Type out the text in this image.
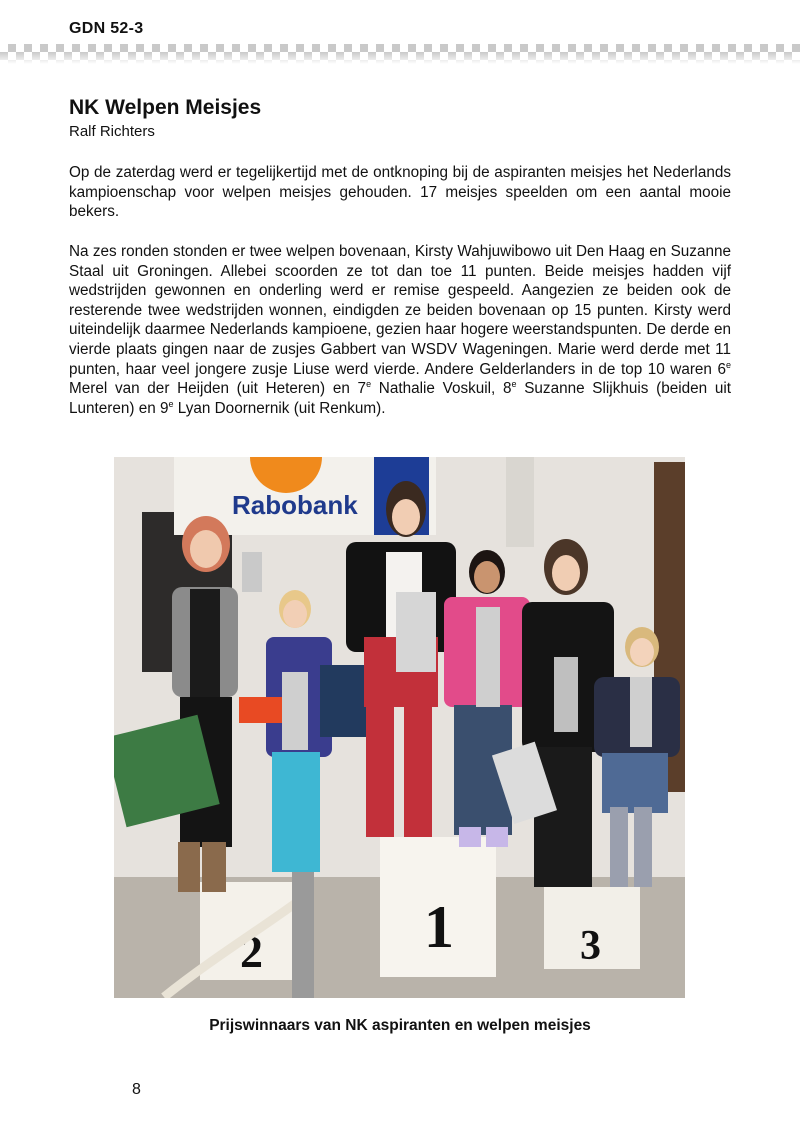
GDN 52-3
NK Welpen Meisjes
Ralf Richters

Op de zaterdag werd er tegelijkertijd met de ontknoping bij de aspiranten meisjes het Nederlands kampioenschap voor welpen meisjes gehouden. 17 meisjes speelden om een aantal mooie bekers.

Na zes ronden stonden er twee welpen bovenaan, Kirsty Wahjuwibowo uit Den Haag en Suzanne Staal uit Groningen. Allebei scoorden ze tot dan toe 11 punten. Beide meisjes hadden vijf wedstrijden gewonnen en onderling werd er remise gespeeld. Aangezien ze beiden ook de resterende twee wedstrijden wonnen, eindigden ze beiden bovenaan op 15 punten. Kirsty werd uiteindelijk daarmee Nederlands kampioene, gezien haar hogere weerstandspunten. De derde en vierde plaats gingen naar de zusjes Gabbert van WSDV Wageningen. Marie werd derde met 11 punten, haar veel jongere zusje Liuse werd vierde. Andere Gelderlanders in de top 10 waren 6e Merel van der Heijden (uit Heteren) en 7e Nathalie Voskuil, 8e Suzanne Slijkhuis (beiden uit Lunteren) en 9e Lyan Doornernik (uit Renkum).

Rabobank
2	1	3
Prijswinnaars van NK aspiranten en welpen meisjes
8
